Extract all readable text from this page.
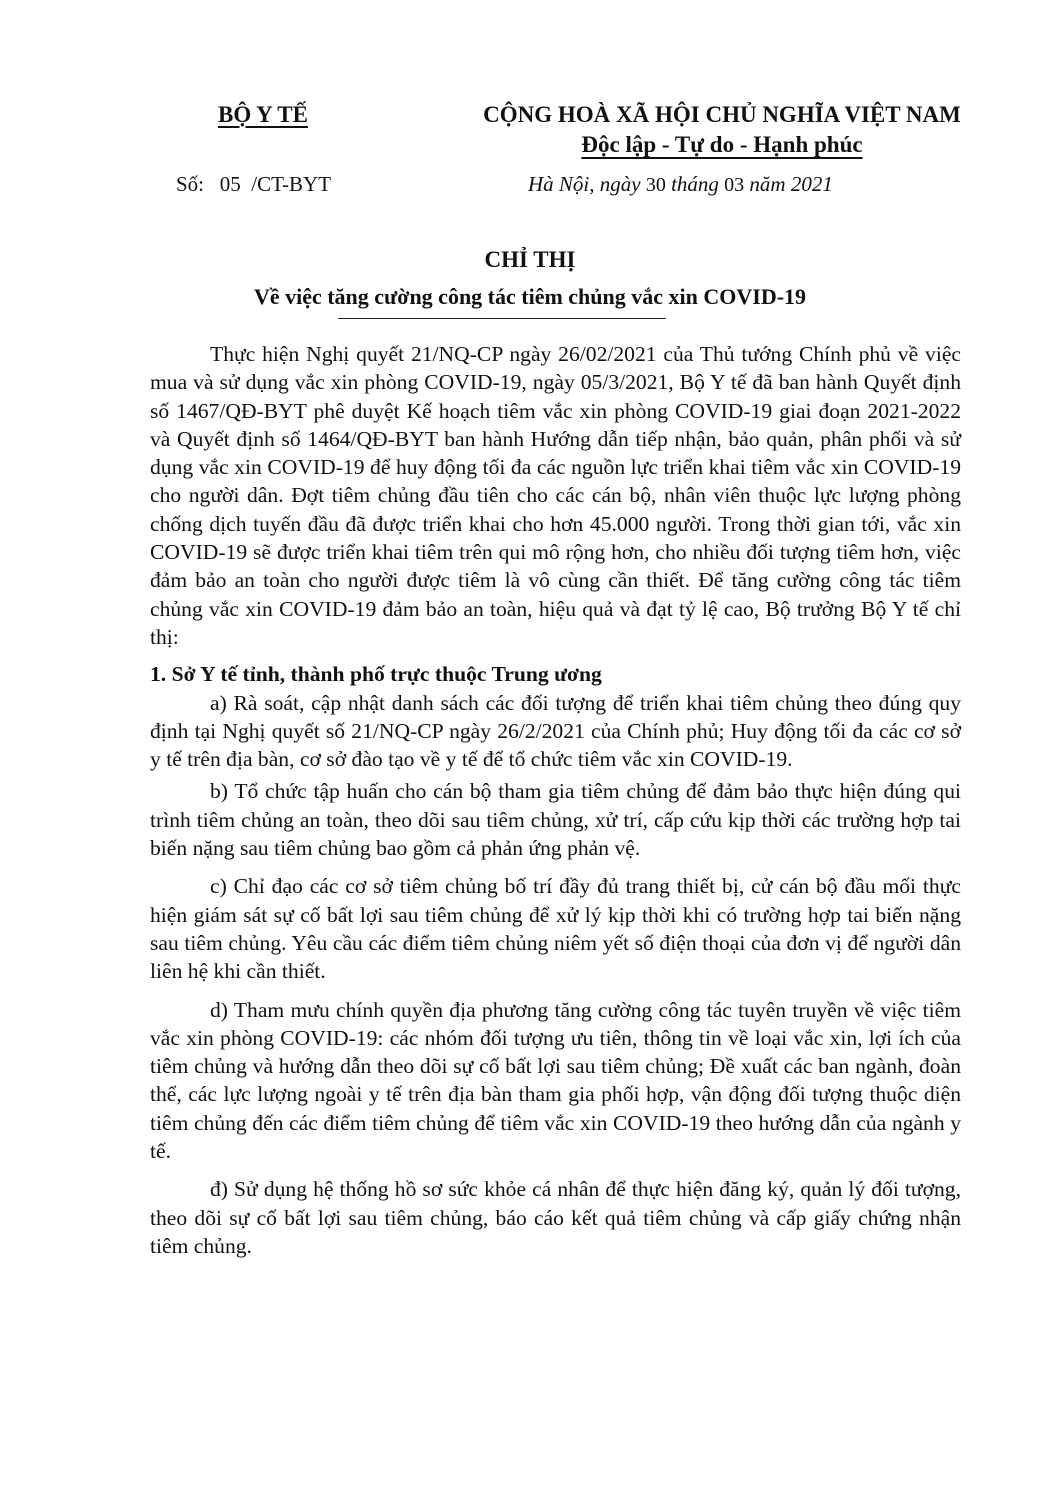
BỘ Y TẾ	CỘNG HOÀ XÃ HỘI CHỦ NGHĨA VIỆT NAM
Độc lập - Tự do - Hạnh phúc
Số: 05 /CT-BYT	Hà Nội, ngày 30 tháng 03 năm 2021
CHỈ THỊ
Về việc tăng cường công tác tiêm chủng vắc xin COVID-19

Thực hiện Nghị quyết 21/NQ-CP ngày 26/02/2021 của Thủ tướng Chính phủ về việc mua và sử dụng vắc xin phòng COVID-19, ngày 05/3/2021, Bộ Y tế đã ban hành Quyết định số 1467/QĐ-BYT phê duyệt Kế hoạch tiêm vắc xin phòng COVID-19 giai đoạn 2021-2022 và Quyết định số 1464/QĐ-BYT ban hành Hướng dẫn tiếp nhận, bảo quản, phân phối và sử dụng vắc xin COVID-19 để huy động tối đa các nguồn lực triển khai tiêm vắc xin COVID-19 cho người dân. Đợt tiêm chủng đầu tiên cho các cán bộ, nhân viên thuộc lực lượng phòng chống dịch tuyến đầu đã được triển khai cho hơn 45.000 người. Trong thời gian tới, vắc xin COVID-19 sẽ được triển khai tiêm trên qui mô rộng hơn, cho nhiều đối tượng tiêm hơn, việc đảm bảo an toàn cho người được tiêm là vô cùng cần thiết. Để tăng cường công tác tiêm chủng vắc xin COVID-19 đảm bảo an toàn, hiệu quả và đạt tỷ lệ cao, Bộ trưởng Bộ Y tế chỉ thị:

1. Sở Y tế tỉnh, thành phố trực thuộc Trung ương

a) Rà soát, cập nhật danh sách các đối tượng để triển khai tiêm chủng theo đúng quy định tại Nghị quyết số 21/NQ-CP ngày 26/2/2021 của Chính phủ; Huy động tối đa các cơ sở y tế trên địa bàn, cơ sở đào tạo về y tế để tổ chức tiêm vắc xin COVID-19.

b) Tổ chức tập huấn cho cán bộ tham gia tiêm chủng để đảm bảo thực hiện đúng qui trình tiêm chủng an toàn, theo dõi sau tiêm chủng, xử trí, cấp cứu kịp thời các trường hợp tai biến nặng sau tiêm chủng bao gồm cả phản ứng phản vệ.

c) Chỉ đạo các cơ sở tiêm chủng bố trí đầy đủ trang thiết bị, cử cán bộ đầu mối thực hiện giám sát sự cố bất lợi sau tiêm chủng để xử lý kịp thời khi có trường hợp tai biến nặng sau tiêm chủng. Yêu cầu các điểm tiêm chủng niêm yết số điện thoại của đơn vị để người dân liên hệ khi cần thiết.

d) Tham mưu chính quyền địa phương tăng cường công tác tuyên truyền về việc tiêm vắc xin phòng COVID-19: các nhóm đối tượng ưu tiên, thông tin về loại vắc xin, lợi ích của tiêm chủng và hướng dẫn theo dõi sự cố bất lợi sau tiêm chủng; Đề xuất các ban ngành, đoàn thể, các lực lượng ngoài y tế trên địa bàn tham gia phối hợp, vận động đối tượng thuộc diện tiêm chủng đến các điểm tiêm chủng để tiêm vắc xin COVID-19 theo hướng dẫn của ngành y tế.

đ) Sử dụng hệ thống hồ sơ sức khỏe cá nhân để thực hiện đăng ký, quản lý đối tượng, theo dõi sự cố bất lợi sau tiêm chủng, báo cáo kết quả tiêm chủng và cấp giấy chứng nhận tiêm chủng.
